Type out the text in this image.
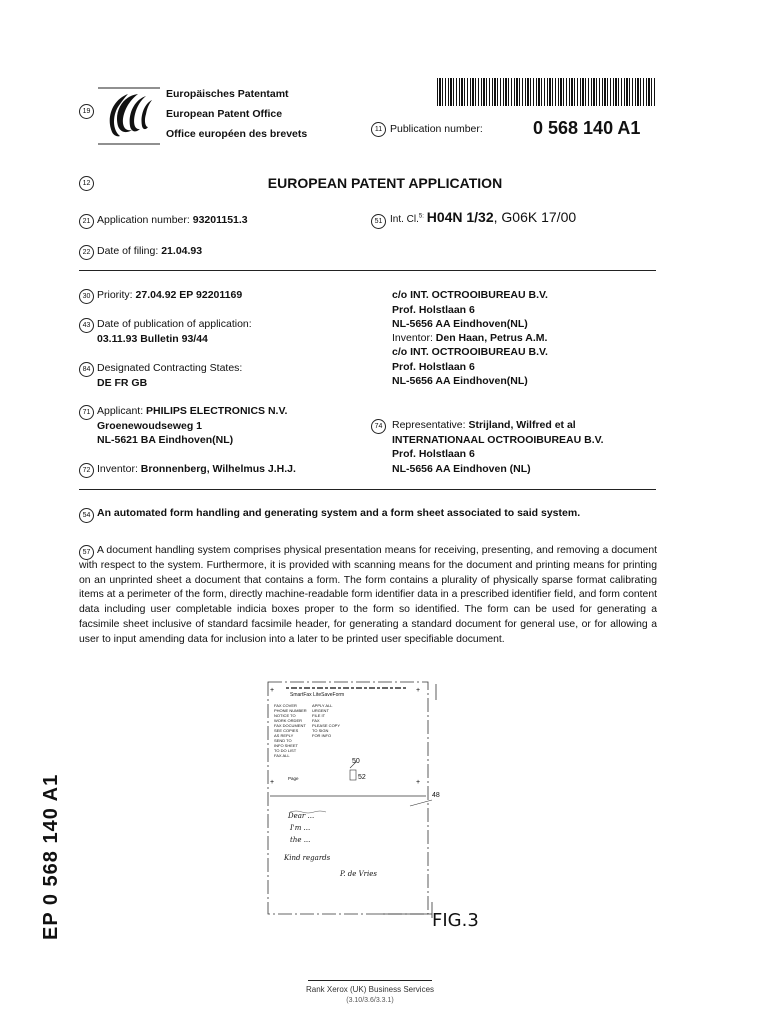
19
Europäisches Patentamt
European Patent Office
Office européen des brevets	11 Publication number:	0 568 140 A1
12	EUROPEAN PATENT APPLICATION
21 Application number: 93201151.3	51 Int. Cl.$^{5:}$ H04N 1/32, G06K 17/00
22 Date of filing: 21.04.93
30 Priority: 27.04.92 EP 92201169
43 Date of publication of application:
03.11.93 Bulletin 93/44
84 Designated Contracting States:
DE FR GB
71 Applicant: PHILIPS ELECTRONICS N.V.
Groenewoudseweg 1
NL-5621 BA Eindhoven(NL)
72 Inventor: Bronnenberg, Wilhelmus J.H.J.
c/o INT. OCTROOIBUREAU B.V.
Prof. Holstlaan 6
NL-5656 AA Eindhoven(NL)
Inventor: Den Haan, Petrus A.M.
c/o INT. OCTROOIBUREAU B.V.
Prof. Holstlaan 6
NL-5656 AA Eindhoven(NL)
74 Representative: Strijland, Wilfred et al
INTERNATIONAAL OCTROOIBUREAU B.V.
Prof. Holstlaan 6
NL-5656 AA Eindhoven (NL)
54 An automated form handling and generating system and a form sheet associated to said system.
57 A document handling system comprises physical presentation means for receiving, presenting, and removing a document with respect to the system. Furthermore, it is provided with scanning means for the document and printing means for printing on an unprinted sheet a document that contains a form. The form contains a plurality of physically sparse format calibrating items at a perimeter of the form, directly machine-readable form identifier data in a prescribed identifier field, and form content data including user completable indicia boxes proper to the form so identified. The form can be used for generating a facsimile sheet inclusive of standard facsimile header, for generating a standard document for general use, or for allowing a user to input amending data for inclusion into a later to be printed user specifiable document.
+	+
+	+
SmartFax LiteSaveForm
FAX COVER
PHONE NUMBER
NOTICE TO
WORK ORDER
FAX DOCUMENT
SEE COPIES
AS REPLY
SEND TO
INFO SHEET
TO DO LIST
FAX ALL
APPLY ALL
URGENT
FILE IT
FAX
PLEASE COPY
TO SIGN
FOR INFO
50
52
Page
48
Dear ...
I'm ...
the ...
Kind regards
P. de Vries
FIG.3
EP 0 568 140 A1
Rank Xerox (UK) Business Services
(3.10/3.6/3.3.1)
